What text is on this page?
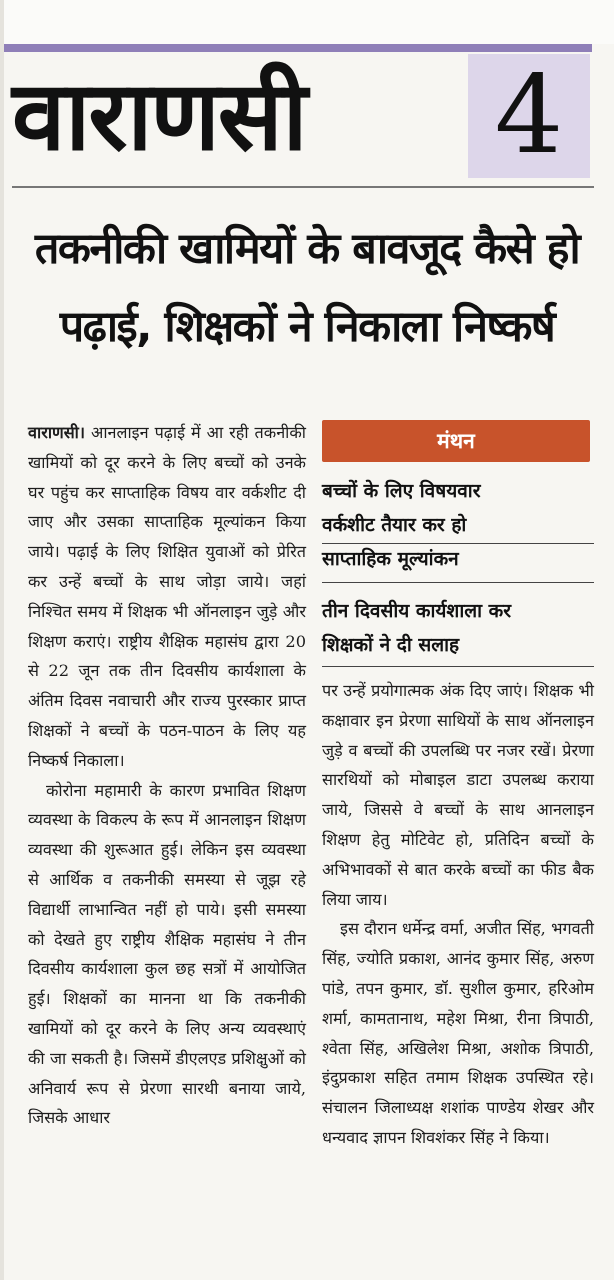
वाराणसी	4
तकनीकी खामियों के बावजूद कैसे हो
पढ़ाई, शिक्षकों ने निकाला निष्कर्ष

वाराणसी। आनलाइन पढ़ाई में आ रही तकनीकी खामियों को दूर करने के लिए बच्चों को उनके घर पहुंच कर साप्ताहिक विषय वार वर्कशीट दी जाए और उसका साप्ताहिक मूल्यांकन किया जाये। पढ़ाई के लिए शिक्षित युवाओं को प्रेरित कर उन्हें बच्चों के साथ जोड़ा जाये। जहां निश्चित समय में शिक्षक भी ऑनलाइन जुड़े और शिक्षण कराएं। राष्ट्रीय शैक्षिक महासंघ द्वारा 20 से 22 जून तक तीन दिवसीय कार्यशाला के अंतिम दिवस नवाचारी और राज्य पुरस्कार प्राप्त शिक्षकों ने बच्चों के पठन-पाठन के लिए यह निष्कर्ष निकाला।

कोरोना महामारी के कारण प्रभावित शिक्षण व्यवस्था के विकल्प के रूप में आनलाइन शिक्षण व्यवस्था की शुरूआत हुई। लेकिन इस व्यवस्था से आर्थिक व तकनीकी समस्या से जूझ रहे विद्यार्थी लाभान्वित नहीं हो पाये। इसी समस्या को देखते हुए राष्ट्रीय शैक्षिक महासंघ ने तीन दिवसीय कार्यशाला कुल छह सत्रों में आयोजित हुई। शिक्षकों का मानना था कि तकनीकी खामियों को दूर करने के लिए अन्य व्यवस्थाएं की जा सकती है। जिसमें डीएलएड प्रशिक्षुओं को अनिवार्य रूप से प्रेरणा सारथी बनाया जाये, जिसके आधार

मंथन
बच्चों के लिए विषयवार
वर्कशीट तैयार कर हो
साप्ताहिक मूल्यांकन
तीन दिवसीय कार्यशाला कर
शिक्षकों ने दी सलाह

पर उन्हें प्रयोगात्मक अंक दिए जाएं। शिक्षक भी कक्षावार इन प्रेरणा साथियों के साथ ऑनलाइन जुड़े व बच्चों की उपलब्धि पर नजर रखें। प्रेरणा सारथियों को मोबाइल डाटा उपलब्ध कराया जाये, जिससे वे बच्चों के साथ आनलाइन शिक्षण हेतु मोटिवेट हो, प्रतिदिन बच्चों के अभिभावकों से बात करके बच्चों का फीड बैक लिया जाय।

इस दौरान धर्मेन्द्र वर्मा, अजीत सिंह, भगवती सिंह, ज्योति प्रकाश, आनंद कुमार सिंह, अरुण पांडे, तपन कुमार, डॉ. सुशील कुमार, हरिओम शर्मा, कामतानाथ, महेश मिश्रा, रीना त्रिपाठी, श्वेता सिंह, अखिलेश मिश्रा, अशोक त्रिपाठी, इंदुप्रकाश सहित तमाम शिक्षक उपस्थित रहे। संचालन जिलाध्यक्ष शशांक पाण्डेय शेखर और धन्यवाद ज्ञापन शिवशंकर सिंह ने किया।
